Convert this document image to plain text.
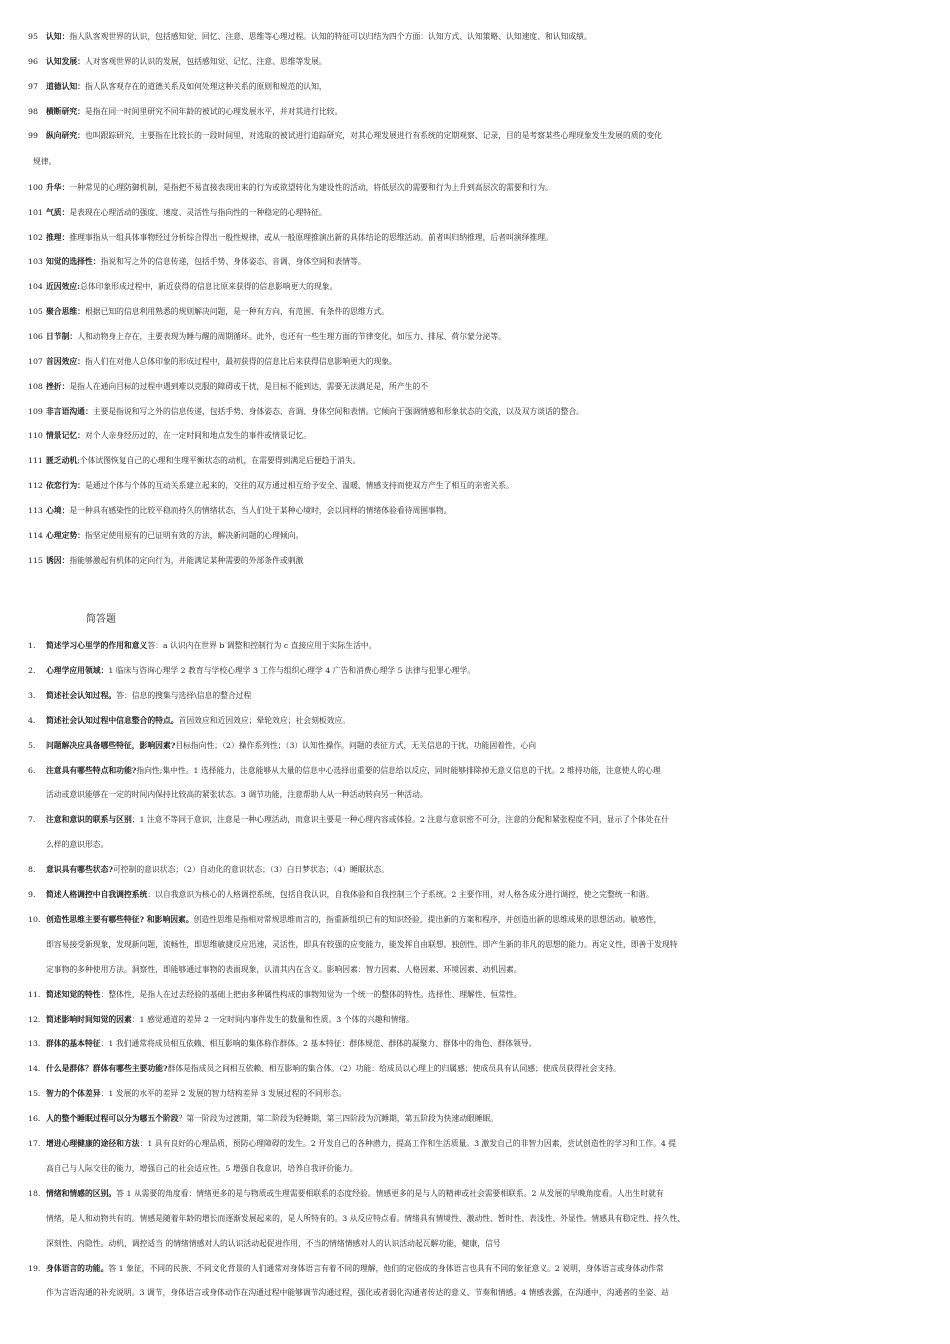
95 认知：指人队客观世界的认识，包括感知觉、回忆、注意、思维等心理过程。认知的特征可以归结为四个方面：认知方式、认知策略、认知速度、和认知成绩。
96 认知发展：人对客观世界的认识的发展，包括感知觉、记忆、注意、思维等发展。
97 道德认知：指人队客观存在的道德关系及如何处理这种关系的原则和规范的认知，
98 横断研究：是指在同一时间里研究不同年龄的被试的心理发展水平，并对其进行比较。
99 纵向研究：也叫跟踪研究，主要指在比较长的一段时间里，对选取的被试进行追踪研究，对其心理发展进行有系统的定期观察、记录，目的是考察某些心理现象发生发展的质的变化
规律。
100 升华：一种常见的心理防御机制，是指把不易直接表现出来的行为或欲望转化为建设性的活动，将低层次的需要和行为上升到高层次的需要和行为。
101 气质：是表现在心理活动的强度、速度、灵活性与指向性的一种稳定的心理特征。
102 推理：推理事指从一组具体事物经过分析综合得出一般性规律，或从一般原理推演出新的具体结论的思维活动。前者叫归纳推理，后者叫演绎推理。
103 知觉的选择性：指说和写之外的信息传递，包括手势、身体姿态、音调、身体空间和表情等。
104 近因效应:总体印象形成过程中，新近获得的信息比原来获得的信息影响更大的现象。
105 聚合思维：根据已知的信息利用熟悉的规则解决问题，是一种有方向、有范围、有条件的思维方式。
106 日节制：人和动物身上存在，主要表现为睡与醒的周期循环。此外，也还有一些生理方面的节律变化，如压力、排尿、荷尔蒙分泌等。
107 首因效应：指人们在对他人总体印象的形成过程中，最初获得的信息比后来获得信息影响更大的现象。
108 挫折：是指人在通向目标的过程中遇到难以克服的障碍或干扰，是目标不能到达，需要无法满足是，所产生的不
109 非言语沟通：主要是指说和写之外的信息传递，包括手势、身体姿态、音调、身体空间和表情。它倾向于强调情感和形象状态的交流，以及双方谈话的整合。
110 情景记忆：对个人亲身经历过的，在一定时间和地点发生的事件或情景记忆。
111 匮乏动机;个体试图恢复自己的心理和生理平衡状态的动机，在需要得到满足后便趋于消失。
112 依恋行为：是通过个体与个体的互动关系建立起来的，交往的双方通过相互给予安全、温暖、情感支持而使双方产生了相互的亲密关系。
113 心境：是一种具有感染性的比较平稳而持久的情绪状态，当人们处于某种心境时，会以同样的情绪体验看待周围事物。
114 心理定势：指坚定使用原有的已证明有效的方法，解决新问题的心理倾向。
115 诱因：指能够激起有机体的定向行为，并能满足某种需要的外部条件或刺激
简答题
1. 简述学习心里学的作用和意义答：a 认识内在世界 b 调整和控制行为 c 直接应用于实际生活中。
2. 心理学应用领域：1 临床与咨询心理学 2 教育与学校心理学 3 工作与组织心理学 4 广告和消费心理学 5 法律与犯罪心理学。
3. 简述社会认知过程。答：信息的搜集与选择\信息的整合过程
4. 简述社会认知过程中信息整合的特点。首因效应和近因效应；晕轮效应；社会刻板效应。
5. 问题解决应具备哪些特征，影响因素?目标指向性；（2）操作系列性；（3）认知性操作。问题的表征方式，无关信息的干扰，功能固着性，心向
6. 注意具有哪些特点和功能?指向性;集中性。1 选择能力，注意能够从大量的信息中心选择出重要的信息给以反应，同时能够排除掉无意义信息的干扰。2 维持功能，注意使人的心理
活动或意识能够在一定的时间内保持比较高的紧张状态。3 调节功能，注意帮助人从一种活动转向另一种活动。
7. 注意和意识的联系与区别；1 注意不等同于意识，注意是一种心理活动，而意识主要是一种心理内容或体验。2 注意与意识密不可分，注意的分配和紧张程度不同，显示了个体处在什
么样的意识形态。
8. 意识具有哪些状态?可控制的意识状态；（2）自动化的意识状态；（3）白日梦状态；（4）睡眠状态。
9. 简述人格调控中自我调控系统：以自我意识为核心的人格调控系统，包括自我认识，自我体验和自我控制三个子系统。2 主要作用，对人格各成分进行调控，使之完整统一和谐。
10. 创造性思维主要有哪些特征? 和影响因素。创造性思维是指相对常规思维而言的，指重新组织已有的知识经验，提出新的方案和程序，并创造出新的思维成果的思想活动。敏感性，
即容易接受新现象，发现新问题，流畅性，即思维敏捷反应迅速，灵活性，即具有较强的应变能力，能发挥自由联想。独创性，即产生新的非凡的思想的能力。再定义性，即善于发现特
定事物的多种使用方法。洞察性，即能够通过事物的表面现象，认清其内在含义。影响因素：智力因素、人格因素、环境因素、动机因素。
11. 简述知觉的特性：整体性，是指人在过去经验的基础上把由多种属性构成的事物知觉为一个统一的整体的特性。选择性、理解性、恒常性。
12. 简述影响时间知觉的因素：1 感觉通道的差异 2 一定时间内事件发生的数量和性质。3 个体的兴趣和情绪。
13. 群体的基本特征：1 我们通常将成员相互依赖、相互影响的集体称作群体。2 基本特征：群体规范、群体的凝聚力、群体中的角色、群体领导。
14. 什么是群体？群体有哪些主要功能?群体是指成员之间相互依赖、相互影响的集合体。（2）功能：给成员以心理上的归属感；使成员具有认同感；使成员获得社会支持。
15. 智力的个体差异：1 发展的水平的差异 2 发展的智力结构差异 3 发展过程的不同形态。
16. 人的整个睡眠过程可以分为哪五个阶段？第一阶段为过渡期，第二阶段为轻睡期，第三四阶段为沉睡期，第五阶段为快速动眼睡眠。
17. 增进心理健康的途径和方法：1 具有良好的心理品质，预防心理障碍的发生。2 开发自己的各种潜力，提高工作和生活质量。3 激发自己的非智力因素，尝试创造性的学习和工作。4 提
高自己与人际交往的能力，增强自己的社会适应性。5 增强自我意识，培养自我评价能力。
18. 情绪和情感的区别。答 1 从需要的角度看：情绪更多的是与物质或生理需要相联系的态度经验。情感更多的是与人的精神或社会需要相联系。2 从发展的早晚角度看。人出生时就有
情绪，是人和动物共有的。情感是随着年龄的增长而逐渐发展起来的，是人所特有的。3 从反应特点看。情绪具有情境性、激动性、暂时性、表浅性、外显性。情感具有稳定性、持久性、
深刻性、内隐性。动机，调控适当 的情绪情感对人的认识活动起促进作用，不当的情绪情感对人的认识活动起瓦解功能，健康，信号
19. 身体语言的功能。答 1 象征，不同的民族、不同文化背景的人们通常对身体语言有着不同的理解，他们的定俗成的身体语言也具有不同的象征意义。2 说明，身体语言或身体动作常
作为言语沟通的补充说明。3 调节，身体语言或身体动作在沟通过程中能够调节沟通过程，强化或者弱化沟通者传达的意义、节奏和情感。4 情感表露，在沟通中，沟通者的坐姿、站
